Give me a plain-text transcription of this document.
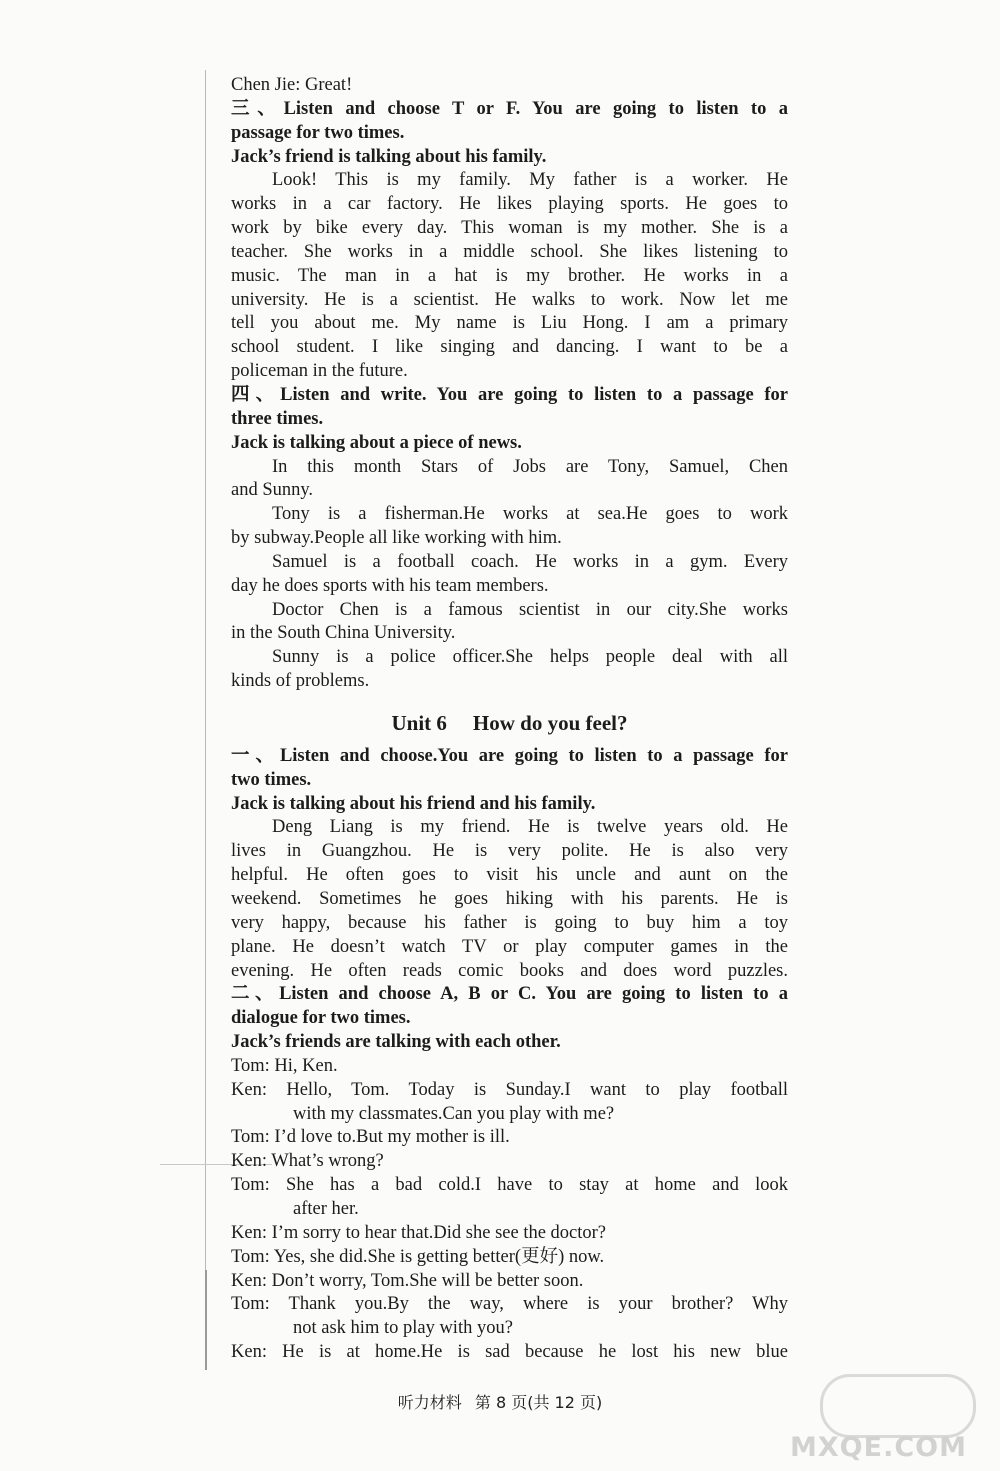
Chen Jie: Great!
三、Listen and choose T or F. You are going to listen to a
passage for two times.
Jack’s friend is talking about his family.
Look! This is my family. My father is a worker. He
works in a car factory. He likes playing sports. He goes to
work by bike every day. This woman is my mother. She is a
teacher. She works in a middle school. She likes listening to
music. The man in a hat is my brother. He works in a
university. He is a scientist. He walks to work. Now let me
tell you about me. My name is Liu Hong. I am a primary
school student. I like singing and dancing. I want to be a
policeman in the future.
四、Listen and write. You are going to listen to a passage for
three times.
Jack is talking about a piece of news.
In this month Stars of Jobs are Tony, Samuel, Chen
and Sunny.
Tony is a fisherman.He works at sea.He goes to work
by subway.People all like working with him.
Samuel is a football coach. He works in a gym. Every
day he does sports with his team members.
Doctor Chen is a famous scientist in our city.She works
in the South China University.
Sunny is a police officer.She helps people deal with all
kinds of problems.
Unit 6 How do you feel?
一、Listen and choose.You are going to listen to a passage for
two times.
Jack is talking about his friend and his family.
Deng Liang is my friend. He is twelve years old. He
lives in Guangzhou. He is very polite. He is also very
helpful. He often goes to visit his uncle and aunt on the
weekend. Sometimes he goes hiking with his parents. He is
very happy, because his father is going to buy him a toy
plane. He doesn’t watch TV or play computer games in the
evening. He often reads comic books and does word puzzles.
二、Listen and choose A, B or C. You are going to listen to a
dialogue for two times.
Jack’s friends are talking with each other.
Tom: Hi, Ken.
Ken: Hello, Tom. Today is Sunday.I want to play football
with my classmates.Can you play with me?
Tom: I’d love to.But my mother is ill.
Ken: What’s wrong?
Tom: She has a bad cold.I have to stay at home and look
after her.
Ken: I’m sorry to hear that.Did she see the doctor?
Tom: Yes, she did.She is getting better(更好) now.
Ken: Don’t worry, Tom.She will be better soon.
Tom: Thank you.By the way, where is your brother? Why
not ask him to play with you?
Ken: He is at home.He is sad because he lost his new blue
听力材料 第 8 页(共 12 页)
MXQE.COM
